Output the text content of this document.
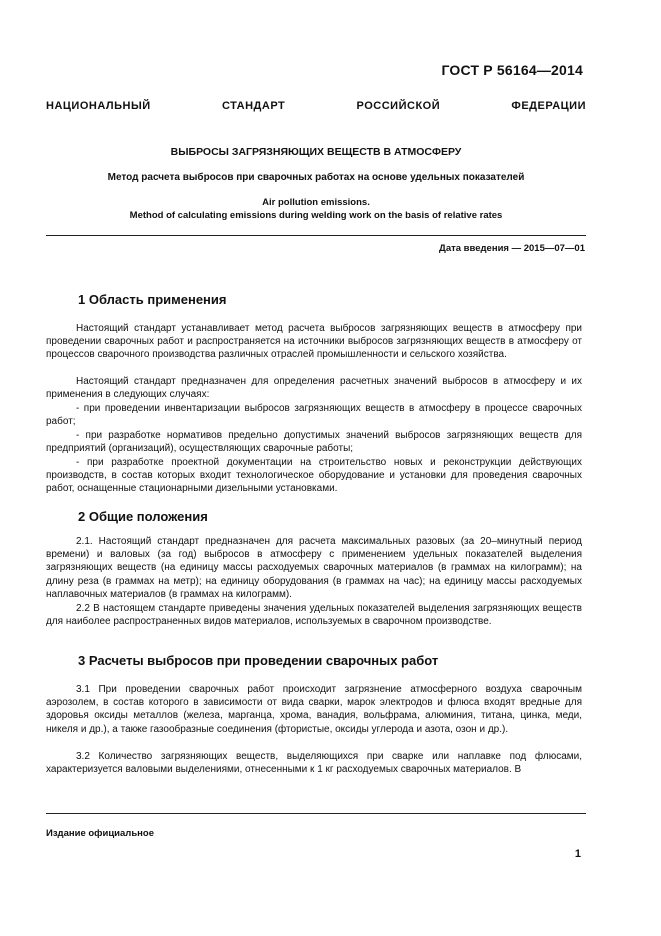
ГОСТ Р 56164—2014
НАЦИОНАЛЬНЫЙ СТАНДАРТ РОССИЙСКОЙ ФЕДЕРАЦИИ
ВЫБРОСЫ ЗАГРЯЗНЯЮЩИХ ВЕЩЕСТВ В АТМОСФЕРУ
Метод расчета выбросов при сварочных работах на основе удельных показателей
Air pollution emissions.
Method of calculating emissions during welding work on the basis of relative rates
Дата введения — 2015—07—01
1 Область применения
Настоящий стандарт устанавливает метод расчета выбросов загрязняющих веществ в атмосферу при проведении сварочных работ и распространяется на источники выбросов загрязняющих веществ в атмосферу от процессов сварочного производства различных отраслей промышленности и сельского хозяйства.
Настоящий стандарт предназначен для определения расчетных значений выбросов в атмосферу и их применения в следующих случаях:
- при проведении инвентаризации выбросов загрязняющих веществ в атмосферу в процессе сварочных работ;
- при разработке нормативов предельно допустимых значений выбросов загрязняющих веществ для предприятий (организаций), осуществляющих сварочные работы;
- при разработке проектной документации на строительство новых и реконструкции действующих производств, в состав которых входит технологическое оборудование и установки для проведения сварочных работ, оснащенные стационарными дизельными установками.
2 Общие положения
2.1. Настоящий стандарт предназначен для расчета максимальных разовых (за 20–минутный период времени) и валовых (за год) выбросов в атмосферу с применением удельных показателей выделения загрязняющих веществ (на единицу массы расходуемых сварочных материалов (в граммах на килограмм); на длину реза (в граммах на метр); на единицу оборудования (в граммах на час); на единицу массы расходуемых наплавочных материалов (в граммах на килограмм).
2.2 В настоящем стандарте приведены значения удельных показателей выделения загрязняющих веществ для наиболее распространенных видов материалов, используемых в сварочном производстве.
3 Расчеты выбросов при проведении сварочных работ
3.1 При проведении сварочных работ происходит загрязнение атмосферного воздуха сварочным аэрозолем, в состав которого в зависимости от вида сварки, марок электродов и флюса входят вредные для здоровья оксиды металлов (железа, марганца, хрома, ванадия, вольфрама, алюминия, титана, цинка, меди, никеля и др.), а также газообразные соединения (фтористые, оксиды углерода и азота, озон и др.).
3.2 Количество загрязняющих веществ, выделяющихся при сварке или наплавке под флюсами, характеризуется валовыми выделениями, отнесенными к 1 кг расходуемых сварочных материалов. В
Издание официальное
1
